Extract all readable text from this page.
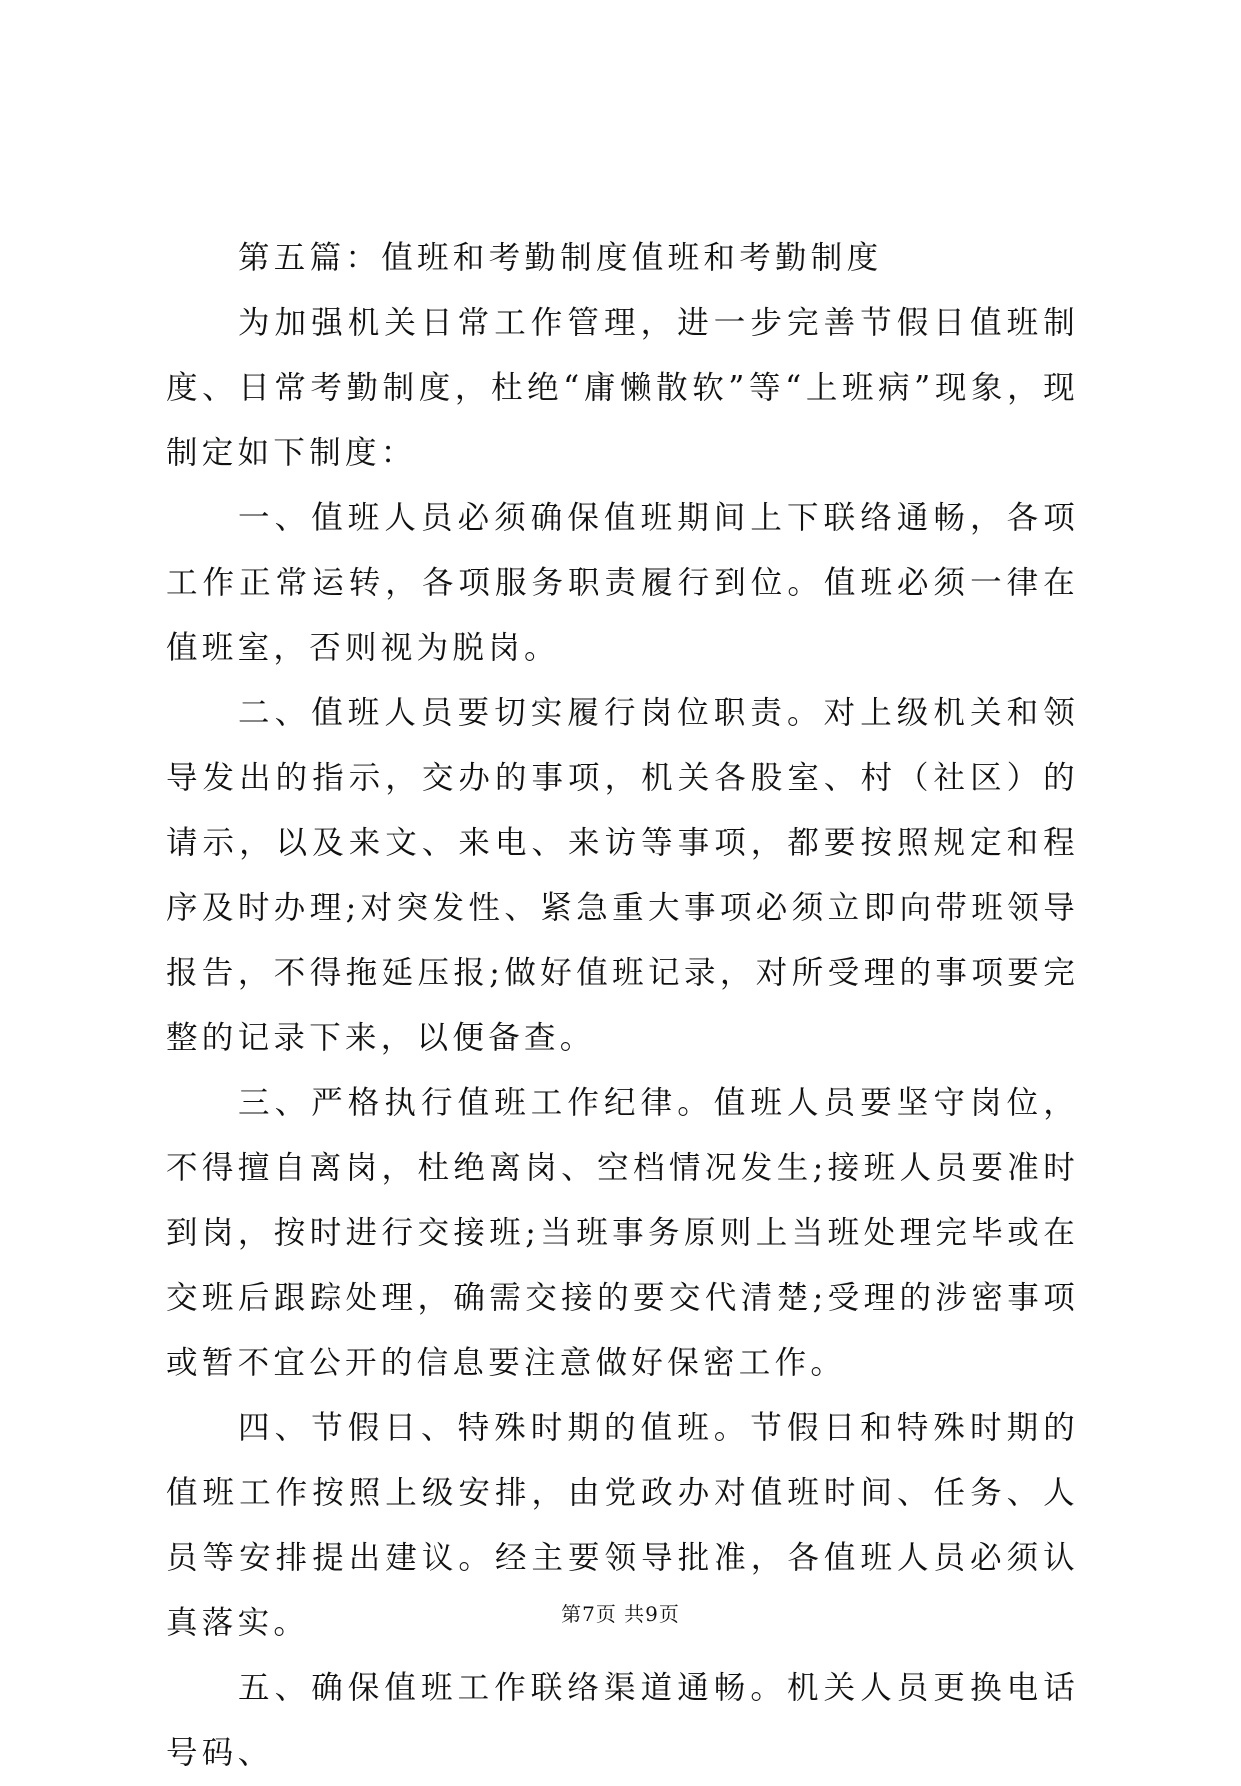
第五篇：值班和考勤制度值班和考勤制度

为加强机关日常工作管理，进一步完善节假日值班制度、日常考勤制度，杜绝“庸懒散软”等“上班病”现象，现制定如下制度：

一、值班人员必须确保值班期间上下联络通畅，各项工作正常运转，各项服务职责履行到位。值班必须一律在值班室，否则视为脱岗。

二、值班人员要切实履行岗位职责。对上级机关和领导发出的指示，交办的事项，机关各股室、村（社区）的请示，以及来文、来电、来访等事项，都要按照规定和程序及时办理;对突发性、紧急重大事项必须立即向带班领导报告，不得拖延压报;做好值班记录，对所受理的事项要完整的记录下来，以便备查。

三、严格执行值班工作纪律。值班人员要坚守岗位，不得擅自离岗，杜绝离岗、空档情况发生;接班人员要准时到岗，按时进行交接班;当班事务原则上当班处理完毕或在交班后跟踪处理，确需交接的要交代清楚;受理的涉密事项或暂不宜公开的信息要注意做好保密工作。

四、节假日、特殊时期的值班。节假日和特殊时期的值班工作按照上级安排，由党政办对值班时间、任务、人员等安排提出建议。经主要领导批准，各值班人员必须认真落实。

五、确保值班工作联络渠道通畅。机关人员更换电话号码、

第7页 共9页
